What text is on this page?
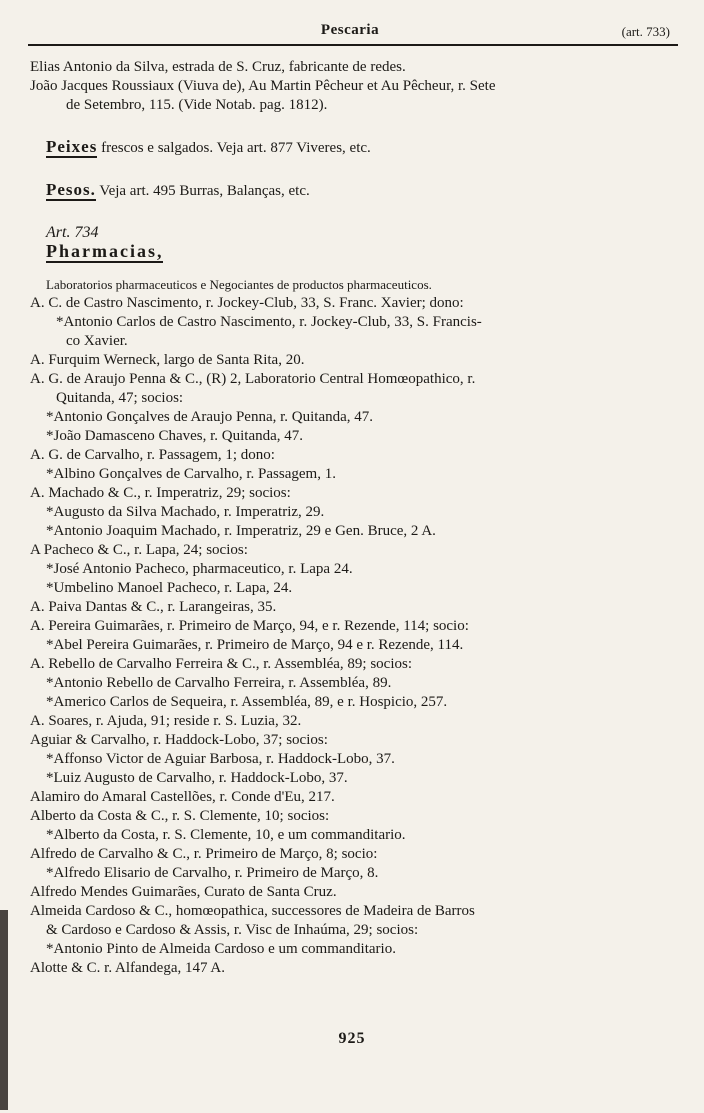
Pescaria	(art. 733)
Elias Antonio da Silva, estrada de S. Cruz, fabricante de redes.
João Jacques Roussiaux (Viuva de), Au Martin Pêcheur et Au Pêcheur, r. Sete
de Setembro, 115. (Vide Notab. pag. 1812).
Peixes frescos e salgados. Veja art. 877 Viveres, etc.
Pesos. Veja art. 495 Burras, Balanças, etc.
Art. 734
Pharmacias,
Laboratorios pharmaceuticos e Negociantes de productos pharmaceuticos.
A. C. de Castro Nascimento, r. Jockey-Club, 33, S. Franc. Xavier; dono:
*Antonio Carlos de Castro Nascimento, r. Jockey-Club, 33, S. Francis-
co Xavier.
A. Furquim Werneck, largo de Santa Rita, 20.
A. G. de Araujo Penna & C., (R) 2, Laboratorio Central Homœopathico, r.
Quitanda, 47; socios:
*Antonio Gonçalves de Araujo Penna, r. Quitanda, 47.
*João Damasceno Chaves, r. Quitanda, 47.
A. G. de Carvalho, r. Passagem, 1; dono:
*Albino Gonçalves de Carvalho, r. Passagem, 1.
A. Machado & C., r. Imperatriz, 29; socios:
*Augusto da Silva Machado, r. Imperatriz, 29.
*Antonio Joaquim Machado, r. Imperatriz, 29 e Gen. Bruce, 2 A.
A Pacheco & C., r. Lapa, 24; socios:
*José Antonio Pacheco, pharmaceutico, r. Lapa 24.
*Umbelino Manoel Pacheco, r. Lapa, 24.
A. Paiva Dantas & C., r. Larangeiras, 35.
A. Pereira Guimarães, r. Primeiro de Março, 94, e r. Rezende, 114; socio:
*Abel Pereira Guimarães, r. Primeiro de Março, 94 e r. Rezende, 114.
A. Rebello de Carvalho Ferreira & C., r. Assembléa, 89; socios:
*Antonio Rebello de Carvalho Ferreira, r. Assembléa, 89.
*Americo Carlos de Sequeira, r. Assembléa, 89, e r. Hospicio, 257.
A. Soares, r. Ajuda, 91; reside r. S. Luzia, 32.
Aguiar & Carvalho, r. Haddock-Lobo, 37; socios:
*Affonso Victor de Aguiar Barbosa, r. Haddock-Lobo, 37.
*Luiz Augusto de Carvalho, r. Haddock-Lobo, 37.
Alamiro do Amaral Castellões, r. Conde d'Eu, 217.
Alberto da Costa & C., r. S. Clemente, 10; socios:
*Alberto da Costa, r. S. Clemente, 10, e um commanditario.
Alfredo de Carvalho & C., r. Primeiro de Março, 8; socio:
*Alfredo Elisario de Carvalho, r. Primeiro de Março, 8.
Alfredo Mendes Guimarães, Curato de Santa Cruz.
Almeida Cardoso & C., homœopathica, successores de Madeira de Barros
& Cardoso e Cardoso & Assis, r. Visc de Inhaúma, 29; socios:
*Antonio Pinto de Almeida Cardoso e um commanditario.
Alotte & C. r. Alfandega, 147 A.
925
